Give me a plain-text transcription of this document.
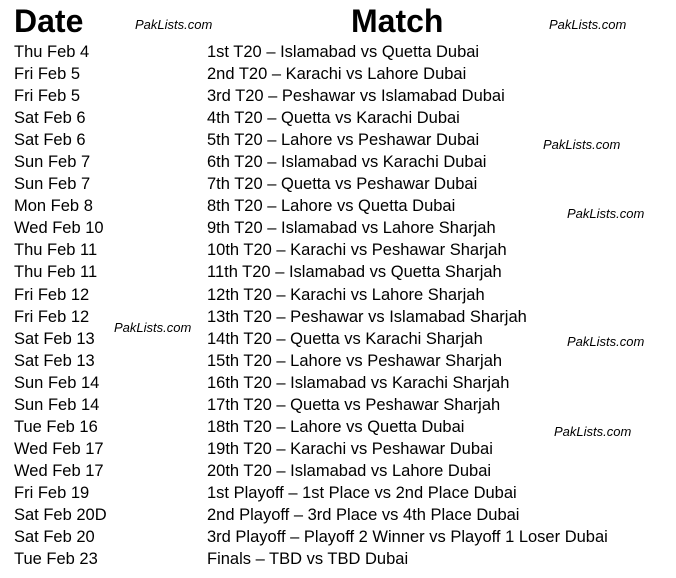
Date	Match
PakLists.com	PakLists.com
PakLists.com
PakLists.com
PakLists.com
PakLists.com
PakLists.com
Thu Feb 4	1st T20 – Islamabad vs Quetta Dubai
Fri Feb 5	2nd T20 – Karachi vs Lahore Dubai
Fri Feb 5	3rd T20 – Peshawar vs Islamabad Dubai
Sat Feb 6	4th T20 – Quetta vs Karachi Dubai
Sat Feb 6	5th T20 – Lahore vs Peshawar Dubai
Sun Feb 7	6th T20 – Islamabad vs Karachi Dubai
Sun Feb 7	7th T20 – Quetta vs Peshawar Dubai
Mon Feb 8	8th T20 – Lahore vs Quetta Dubai
Wed Feb 10	9th T20 – Islamabad vs Lahore Sharjah
Thu Feb 11	10th T20 – Karachi vs Peshawar Sharjah
Thu Feb 11	11th T20 – Islamabad vs Quetta Sharjah
Fri Feb 12	12th T20 – Karachi vs Lahore Sharjah
Fri Feb 12	13th T20 – Peshawar vs Islamabad Sharjah
Sat Feb 13	14th T20 – Quetta vs Karachi Sharjah
Sat Feb 13	15th T20 – Lahore vs Peshawar Sharjah
Sun Feb 14	16th T20 – Islamabad vs Karachi Sharjah
Sun Feb 14	17th T20 – Quetta vs Peshawar Sharjah
Tue Feb 16	18th T20 – Lahore vs Quetta Dubai
Wed Feb 17	19th T20 – Karachi vs Peshawar Dubai
Wed Feb 17	20th T20 – Islamabad vs Lahore Dubai
Fri Feb 19	1st Playoff – 1st Place vs 2nd Place Dubai
Sat Feb 20D	2nd Playoff – 3rd Place vs 4th Place Dubai
Sat Feb 20	3rd Playoff – Playoff 2 Winner vs Playoff 1 Loser Dubai
Tue Feb 23	Finals – TBD vs TBD Dubai
